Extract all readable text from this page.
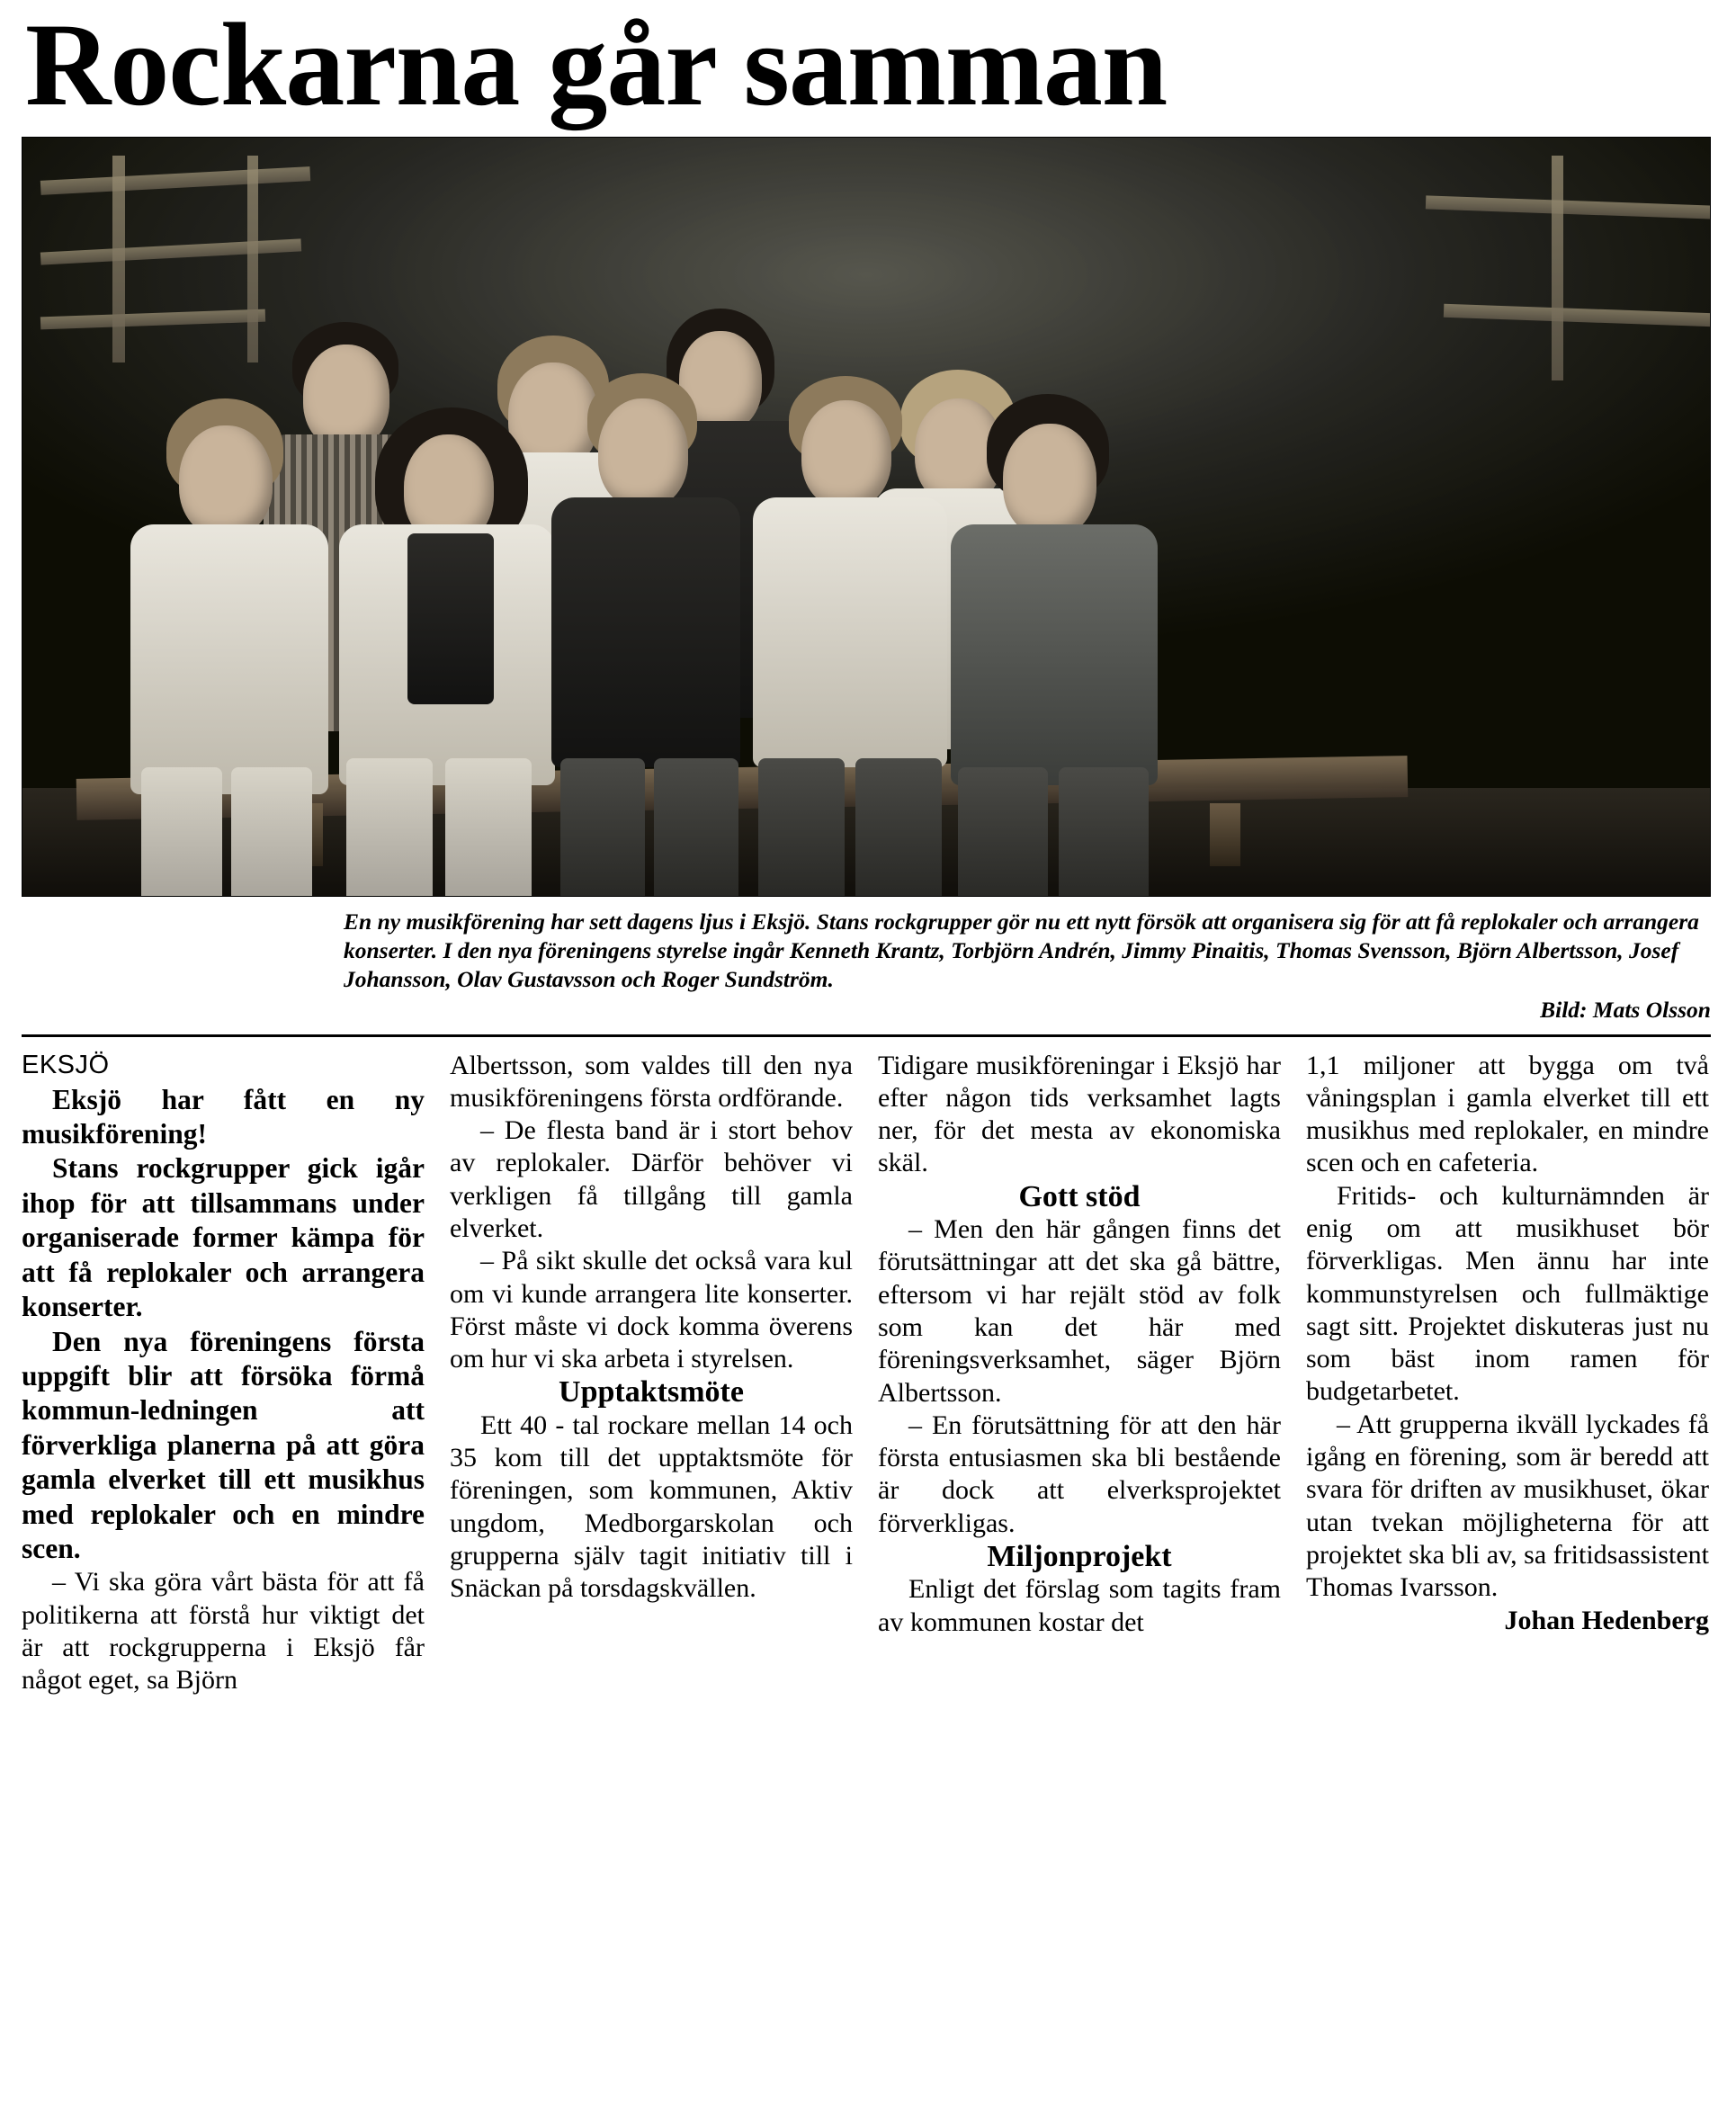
Rockarna går samman
En ny musikförening har sett dagens ljus i Eksjö. Stans rockgrupper gör nu ett nytt försök att organisera sig för att få replokaler och arrangera konserter. I den nya föreningens styrelse ingår Kenneth Krantz, Torbjörn Andrén, Jimmy Pinaitis, Thomas Svensson, Björn Albertsson, Josef Johansson, Olav Gustavsson och Roger Sundström.
Bild: Mats Olsson
EKSJÖ

Eksjö har fått en ny musikförening!

Stans rockgrupper gick igår ihop för att tillsammans under organiserade former kämpa för att få replokaler och arrangera konserter.

Den nya föreningens första uppgift blir att försöka förmå kommun-ledningen att förverkliga planerna på att göra gamla elverket till ett musikhus med replokaler och en mindre scen.

– Vi ska göra vårt bästa för att få politikerna att förstå hur viktigt det är att rockgrupperna i Eksjö får något eget, sa Björn

Albertsson, som valdes till den nya musikföreningens första ordförande.

– De flesta band är i stort behov av replokaler. Därför behöver vi verkligen få tillgång till gamla elverket.

– På sikt skulle det också vara kul om vi kunde arrangera lite konserter. Först måste vi dock komma överens om hur vi ska arbeta i styrelsen.

Upptaktsmöte

Ett 40 - tal rockare mellan 14 och 35 kom till det upptaktsmöte för föreningen, som kommunen, Aktiv ungdom, Medborgarskolan och grupperna själv tagit initiativ till i Snäckan på torsdagskvällen.

Tidigare musikföreningar i Eksjö har efter någon tids verksamhet lagts ner, för det mesta av ekonomiska skäl.

Gott stöd

– Men den här gången finns det förutsättningar att det ska gå bättre, eftersom vi har rejält stöd av folk som kan det här med föreningsverksamhet, säger Björn Albertsson.

– En förutsättning för att den här första entusiasmen ska bli bestående är dock att elverksprojektet förverkligas.

Miljonprojekt

Enligt det förslag som tagits fram av kommunen kostar det

1,1 miljoner att bygga om två våningsplan i gamla elverket till ett musikhus med replokaler, en mindre scen och en cafeteria.

Fritids- och kulturnämnden är enig om att musikhuset bör förverkligas. Men ännu har inte kommunstyrelsen och fullmäktige sagt sitt. Projektet diskuteras just nu som bäst inom ramen för budgetarbetet.

– Att grupperna ikväll lyckades få igång en förening, som är beredd att svara för driften av musikhuset, ökar utan tvekan möjligheterna för att projektet ska bli av, sa fritidsassistent Thomas Ivarsson.

Johan Hedenberg
